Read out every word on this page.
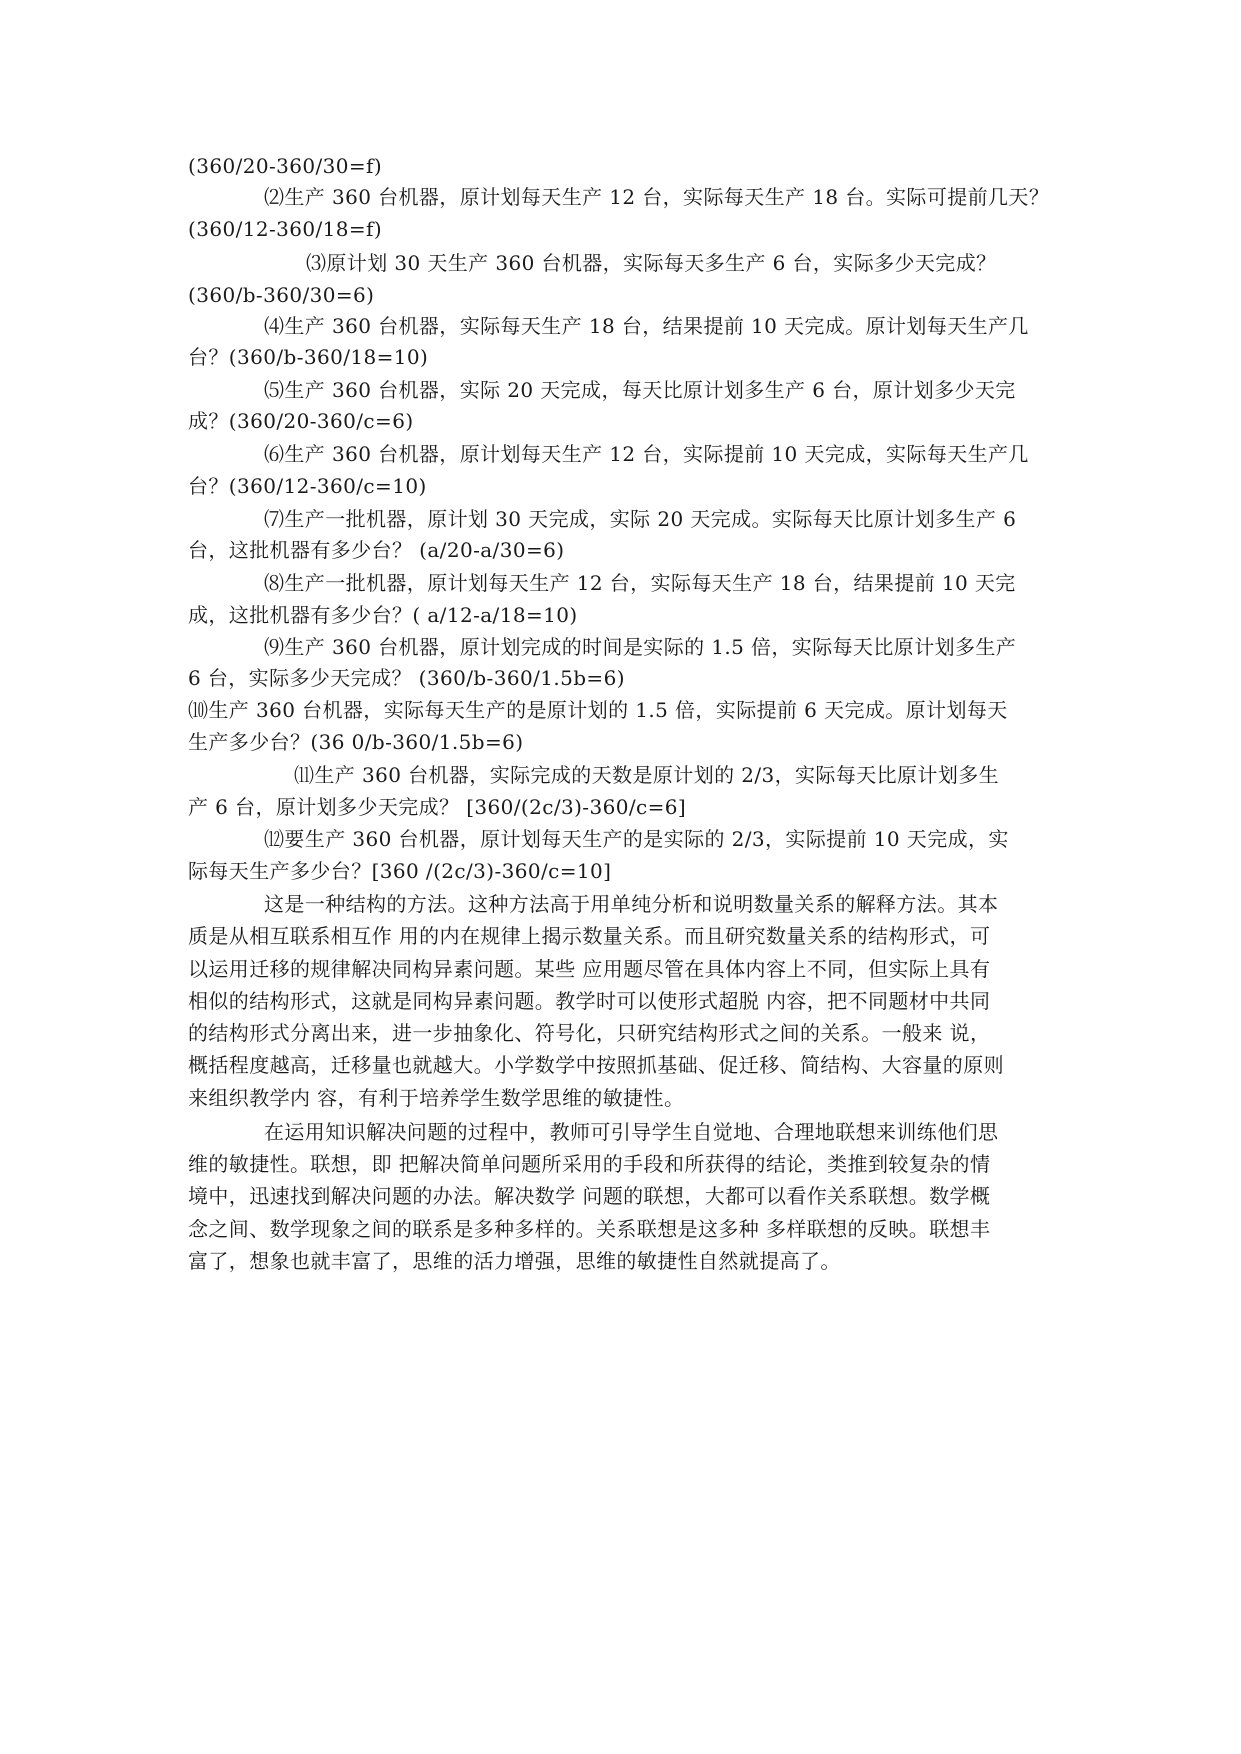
(360/20-360/30=f)
⑵生产 360 台机器，原计划每天生产 12 台，实际每天生产 18 台。实际可提前几天？
(360/12-360/18=f)
⑶原计划 30 天生产 360 台机器，实际每天多生产 6 台，实际多少天完成？
(360/b-360/30=6)
⑷生产 360 台机器，实际每天生产 18 台，结果提前 10 天完成。原计划每天生产几
台？(360/b-360/18=10)
⑸生产 360 台机器，实际 20 天完成，每天比原计划多生产 6 台，原计划多少天完
成？(360/20-360/c=6)
⑹生产 360 台机器，原计划每天生产 12 台，实际提前 10 天完成，实际每天生产几
台？(360/12-360/c=10)
⑺生产一批机器，原计划 30 天完成，实际 20 天完成。实际每天比原计划多生产 6
台，这批机器有多少台？ (a/20-a/30=6)
⑻生产一批机器，原计划每天生产 12 台，实际每天生产 18 台，结果提前 10 天完
成，这批机器有多少台？( a/12-a/18=10)
⑼生产 360 台机器，原计划完成的时间是实际的 1.5 倍，实际每天比原计划多生产
6 台，实际多少天完成？ (360/b-360/1.5b=6)
⑽生产 360 台机器，实际每天生产的是原计划的 1.5 倍，实际提前 6 天完成。原计划每天
生产多少台？(36 0/b-360/1.5b=6)
⑾生产 360 台机器，实际完成的天数是原计划的 2/3，实际每天比原计划多生
产 6 台，原计划多少天完成？ [360/(2c/3)-360/c=6]
⑿要生产 360 台机器，原计划每天生产的是实际的 2/3，实际提前 10 天完成，实
际每天生产多少台？[360 /(2c/3)-360/c=10]
这是一种结构的方法。这种方法高于用单纯分析和说明数量关系的解释方法。其本
质是从相互联系相互作 用的内在规律上揭示数量关系。而且研究数量关系的结构形式，可
以运用迁移的规律解决同构异素问题。某些 应用题尽管在具体内容上不同，但实际上具有
相似的结构形式，这就是同构异素问题。教学时可以使形式超脱 内容，把不同题材中共同
的结构形式分离出来，进一步抽象化、符号化，只研究结构形式之间的关系。一般来 说，
概括程度越高，迁移量也就越大。小学数学中按照抓基础、促迁移、简结构、大容量的原则
来组织教学内 容，有利于培养学生数学思维的敏捷性。
在运用知识解决问题的过程中，教师可引导学生自觉地、合理地联想来训练他们思
维的敏捷性。联想，即 把解决简单问题所采用的手段和所获得的结论，类推到较复杂的情
境中，迅速找到解决问题的办法。解决数学 问题的联想，大都可以看作关系联想。数学概
念之间、数学现象之间的联系是多种多样的。关系联想是这多种 多样联想的反映。联想丰
富了，想象也就丰富了，思维的活力增强，思维的敏捷性自然就提高了。
